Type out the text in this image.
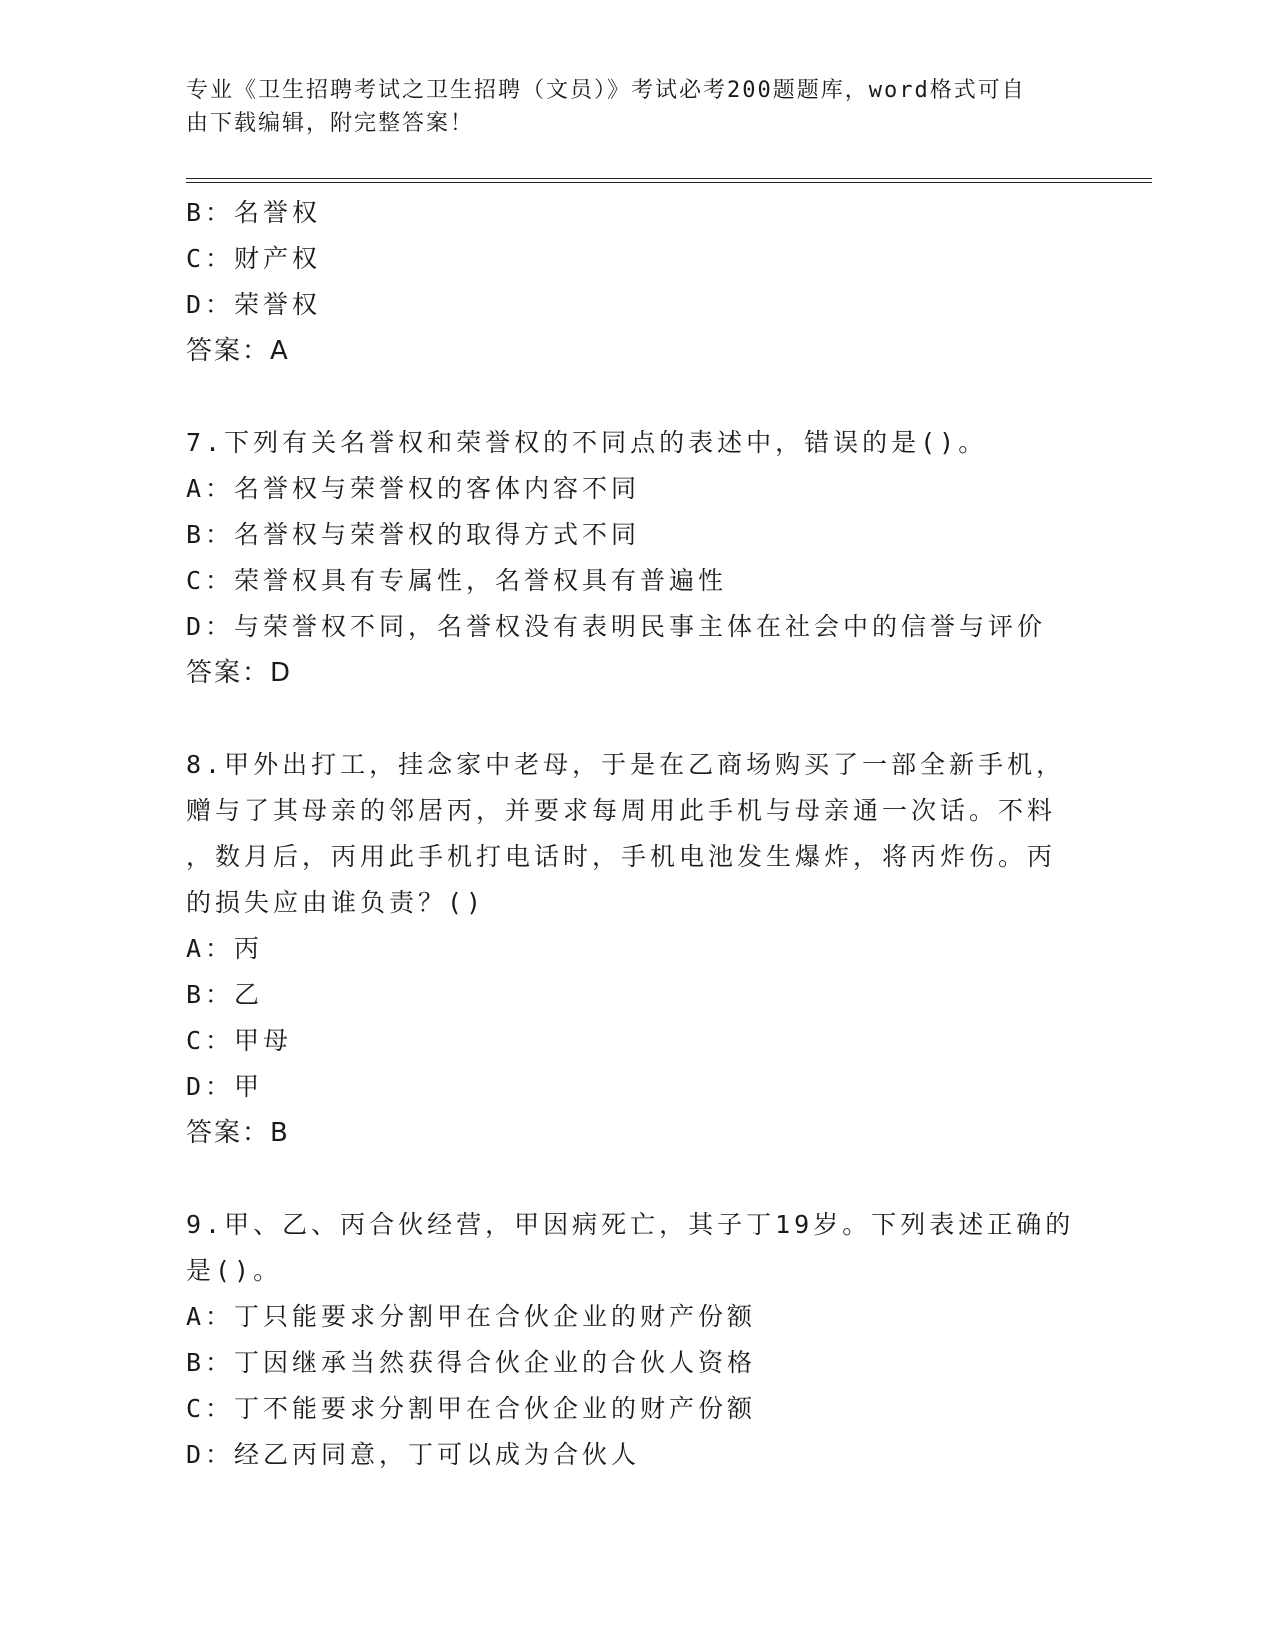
专业《卫生招聘考试之卫生招聘（文员）》考试必考200题题库，word格式可自
由下载编辑，附完整答案！
B：名誉权
C：财产权
D：荣誉权
答案：A
7.下列有关名誉权和荣誉权的不同点的表述中，错误的是()。
A：名誉权与荣誉权的客体内容不同
B：名誉权与荣誉权的取得方式不同
C：荣誉权具有专属性，名誉权具有普遍性
D：与荣誉权不同，名誉权没有表明民事主体在社会中的信誉与评价
答案：D
8.甲外出打工，挂念家中老母，于是在乙商场购买了一部全新手机，
赠与了其母亲的邻居丙，并要求每周用此手机与母亲通一次话。不料
，数月后，丙用此手机打电话时，手机电池发生爆炸，将丙炸伤。丙
的损失应由谁负责？()
A：丙
B：乙
C：甲母
D：甲
答案：B
9.甲、乙、丙合伙经营，甲因病死亡，其子丁19岁。下列表述正确的
是()。
A：丁只能要求分割甲在合伙企业的财产份额
B：丁因继承当然获得合伙企业的合伙人资格
C：丁不能要求分割甲在合伙企业的财产份额
D：经乙丙同意，丁可以成为合伙人
